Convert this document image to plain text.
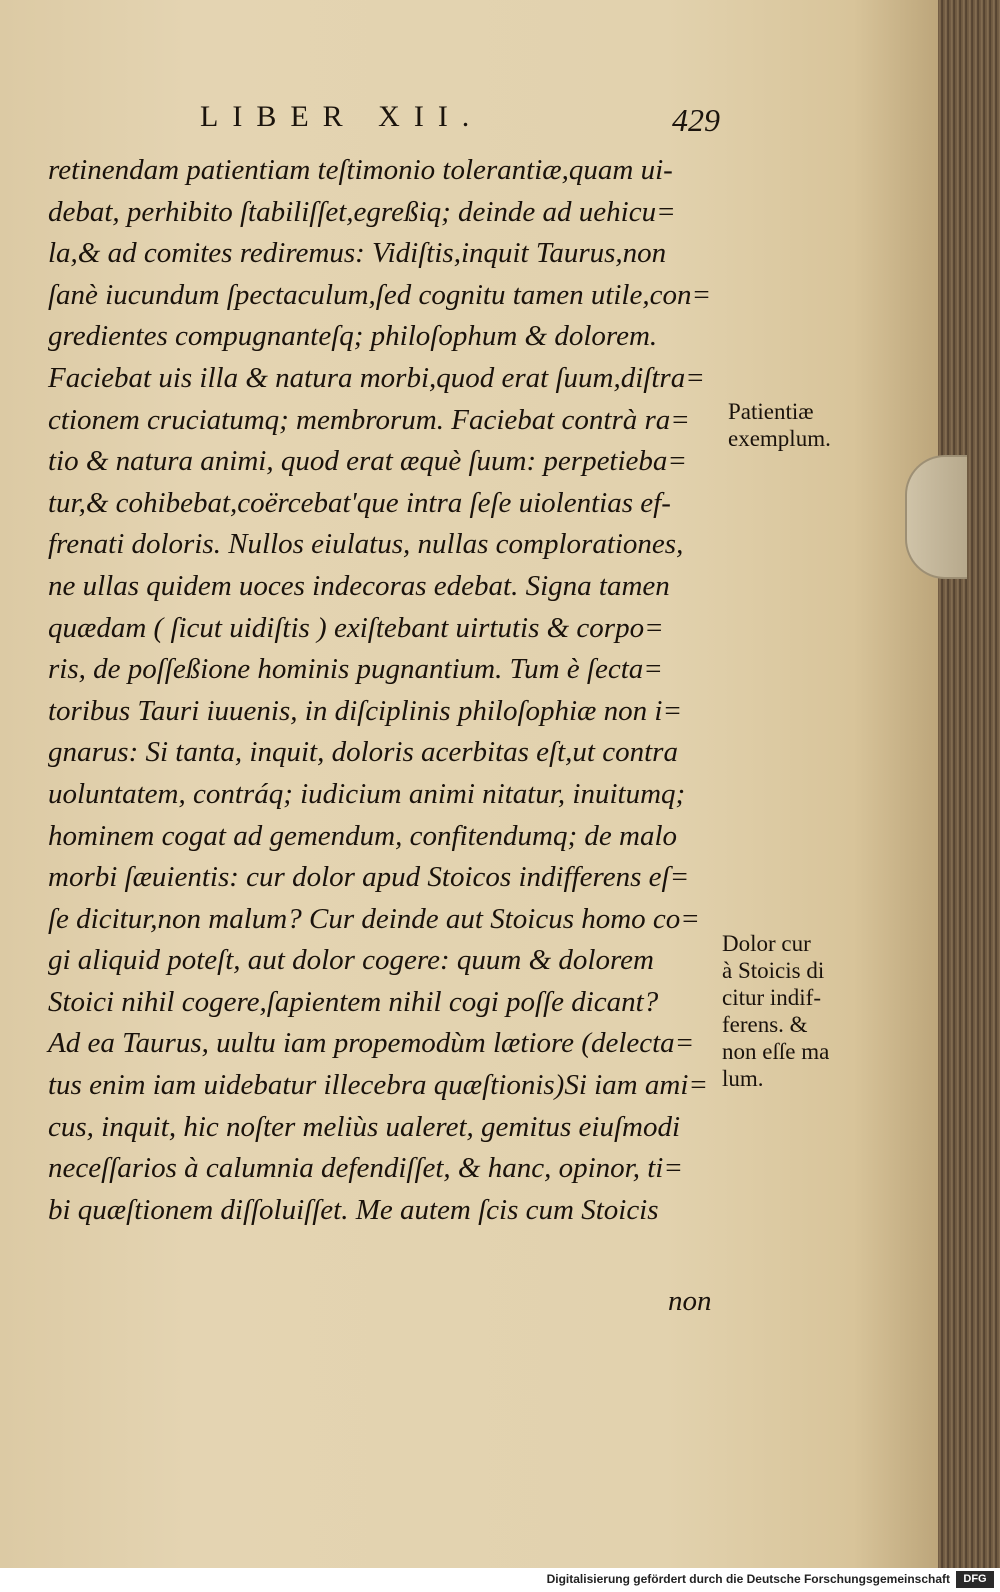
LIBER XII.	429
retinendam patientiam teſtimonio tolerantiæ,quam ui-
debat, perhibito ſtabiliſſet,egreßiq; deinde ad uehicu=
la,& ad comites rediremus: Vidiſtis,inquit Taurus,non
ſanè iucundum ſpectaculum,ſed cognitu tamen utile,con=
gredientes compugnanteſq; philoſophum & dolorem.
Faciebat uis illa & natura morbi,quod erat ſuum,diſtra=
ctionem cruciatumq; membrorum. Faciebat contrà ra=
tio & natura animi, quod erat æquè ſuum: perpetieba=
tur,& cohibebat,coërcebat'que intra ſeſe uiolentias ef-
frenati doloris. Nullos eiulatus, nullas complorationes,
ne ullas quidem uoces indecoras edebat. Signa tamen
quædam ( ſicut uidiſtis ) exiſtebant uirtutis & corpo=
ris, de poſſeßione hominis pugnantium. Tum è ſecta=
toribus Tauri iuuenis, in diſciplinis philoſophiæ non i=
gnarus: Si tanta, inquit, doloris acerbitas eſt,ut contra
uoluntatem, contráq; iudicium animi nitatur, inuitumq;
hominem cogat ad gemendum, confitendumq; de malo
morbi ſæuientis: cur dolor apud Stoicos indifferens eſ=
ſe dicitur,non malum? Cur deinde aut Stoicus homo co=
gi aliquid poteſt, aut dolor cogere: quum & dolorem
Stoici nihil cogere,ſapientem nihil cogi poſſe dicant?
Ad ea Taurus, uultu iam propemodùm lætiore (delecta=
tus enim iam uidebatur illecebra quæſtionis)Si iam ami=
cus, inquit, hic noſter meliùs ualeret, gemitus eiuſmodi
neceſſarios à calumnia defendiſſet, & hanc, opinor, ti=
bi quæſtionem diſſoluiſſet. Me autem ſcis cum Stoicis
non
Patientiæ
exemplum.
Dolor cur
à Stoicis di
citur indif-
ferens. &
non eſſe ma
lum.
Digitalisierung gefördert durch die Deutsche Forschungsgemeinschaft	DFG
